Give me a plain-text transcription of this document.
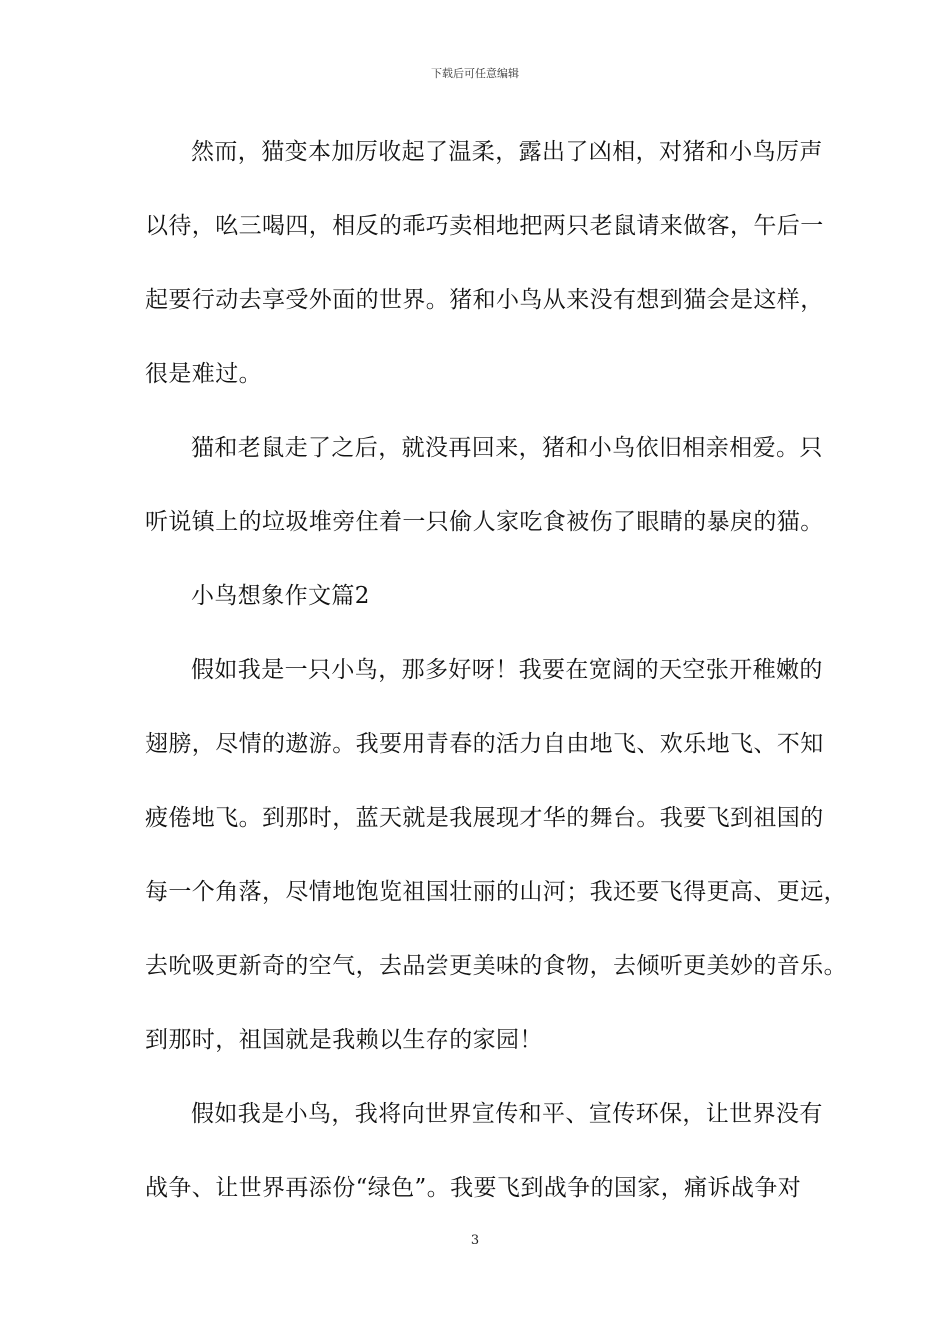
下载后可任意编辑
然而，猫变本加厉收起了温柔，露出了凶相，对猪和小鸟厉声
以待，吆三喝四，相反的乖巧卖相地把两只老鼠请来做客，午后一
起要行动去享受外面的世界。猪和小鸟从来没有想到猫会是这样，
很是难过。
猫和老鼠走了之后，就没再回来，猪和小鸟依旧相亲相爱。只
听说镇上的垃圾堆旁住着一只偷人家吃食被伤了眼睛的暴戾的猫。
小鸟想象作文篇2
假如我是一只小鸟，那多好呀！我要在宽阔的天空张开稚嫩的
翅膀，尽情的遨游。我要用青春的活力自由地飞、欢乐地飞、不知
疲倦地飞。到那时，蓝天就是我展现才华的舞台。我要飞到祖国的
每一个角落，尽情地饱览祖国壮丽的山河；我还要飞得更高、更远，
去吮吸更新奇的空气，去品尝更美味的食物，去倾听更美妙的音乐。
到那时，祖国就是我赖以生存的家园！
假如我是小鸟，我将向世界宣传和平、宣传环保，让世界没有
战争、让世界再添份“绿色”。我要飞到战争的国家，痛诉战争对
3
